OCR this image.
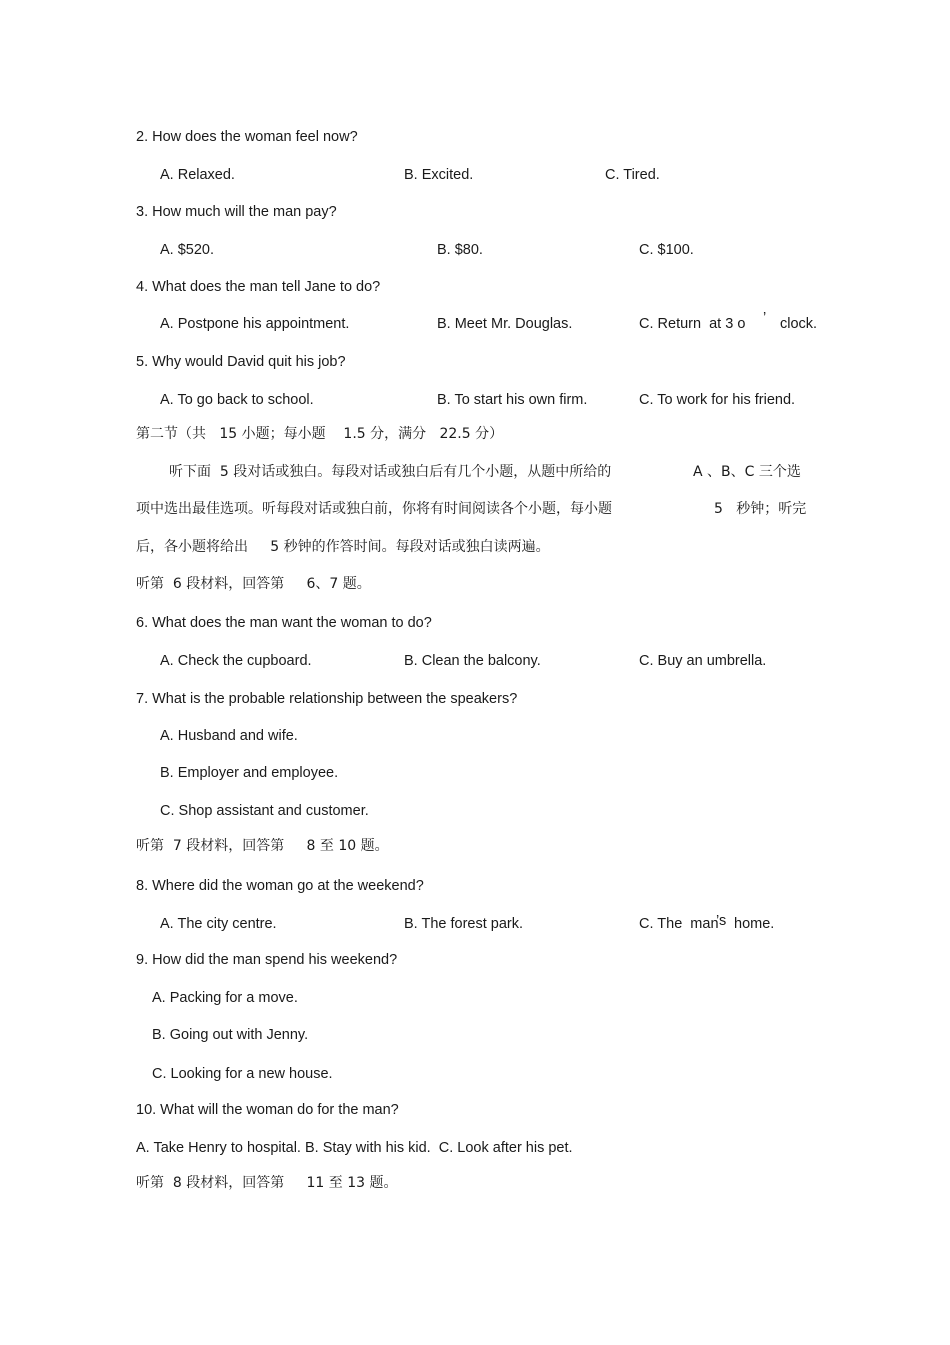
2. How does the woman feel now?
A. Relaxed.	B. Excited.	C. Tired.
3. How much will the man pay?
A. $520.	B. $80.	C. $100.
4. What does the man tell Jane to do?
A. Postpone his appointment.	B. Meet Mr. Douglas.	C. Return  at 3 o ’ clock.
5. Why would David quit his job?
A. To go back to school.	B. To start his own firm.	C. To work for his friend.
第二节（共   15 小题；每小题    1.5 分，满分   22.5 分）
听下面  5 段对话或独白。每段对话或独白后有几个小题，从题中所给的	A 、B、C 三个选
项中选出最佳选项。听每段对话或独白前，你将有时间阅读各个小题，每小题	5   秒钟；听完
后，各小题将给出     5 秒钟的作答时间。每段对话或独白读两遍。
听第  6 段材料，回答第     6、7 题。
6. What does the man want the woman to do?
A. Check the cupboard.	B. Clean the balcony.	C. Buy an umbrella.
7. What is the probable relationship between the speakers?
A. Husband and wife.
B. Employer and employee.
C. Shop assistant and customer.
听第  7 段材料，回答第     8 至 10 题。
8. Where did the woman go at the weekend?
A. The city centre.	B. The forest park.	C. The  man
’s home.
9. How did the man spend his weekend?
A. Packing for a move.
B. Going out with Jenny.
C. Looking for a new house.
10. What will the woman do for the man?
A. Take Henry to hospital. B. Stay with his kid.  C. Look after his pet.
听第  8 段材料，回答第     11 至 13 题。
